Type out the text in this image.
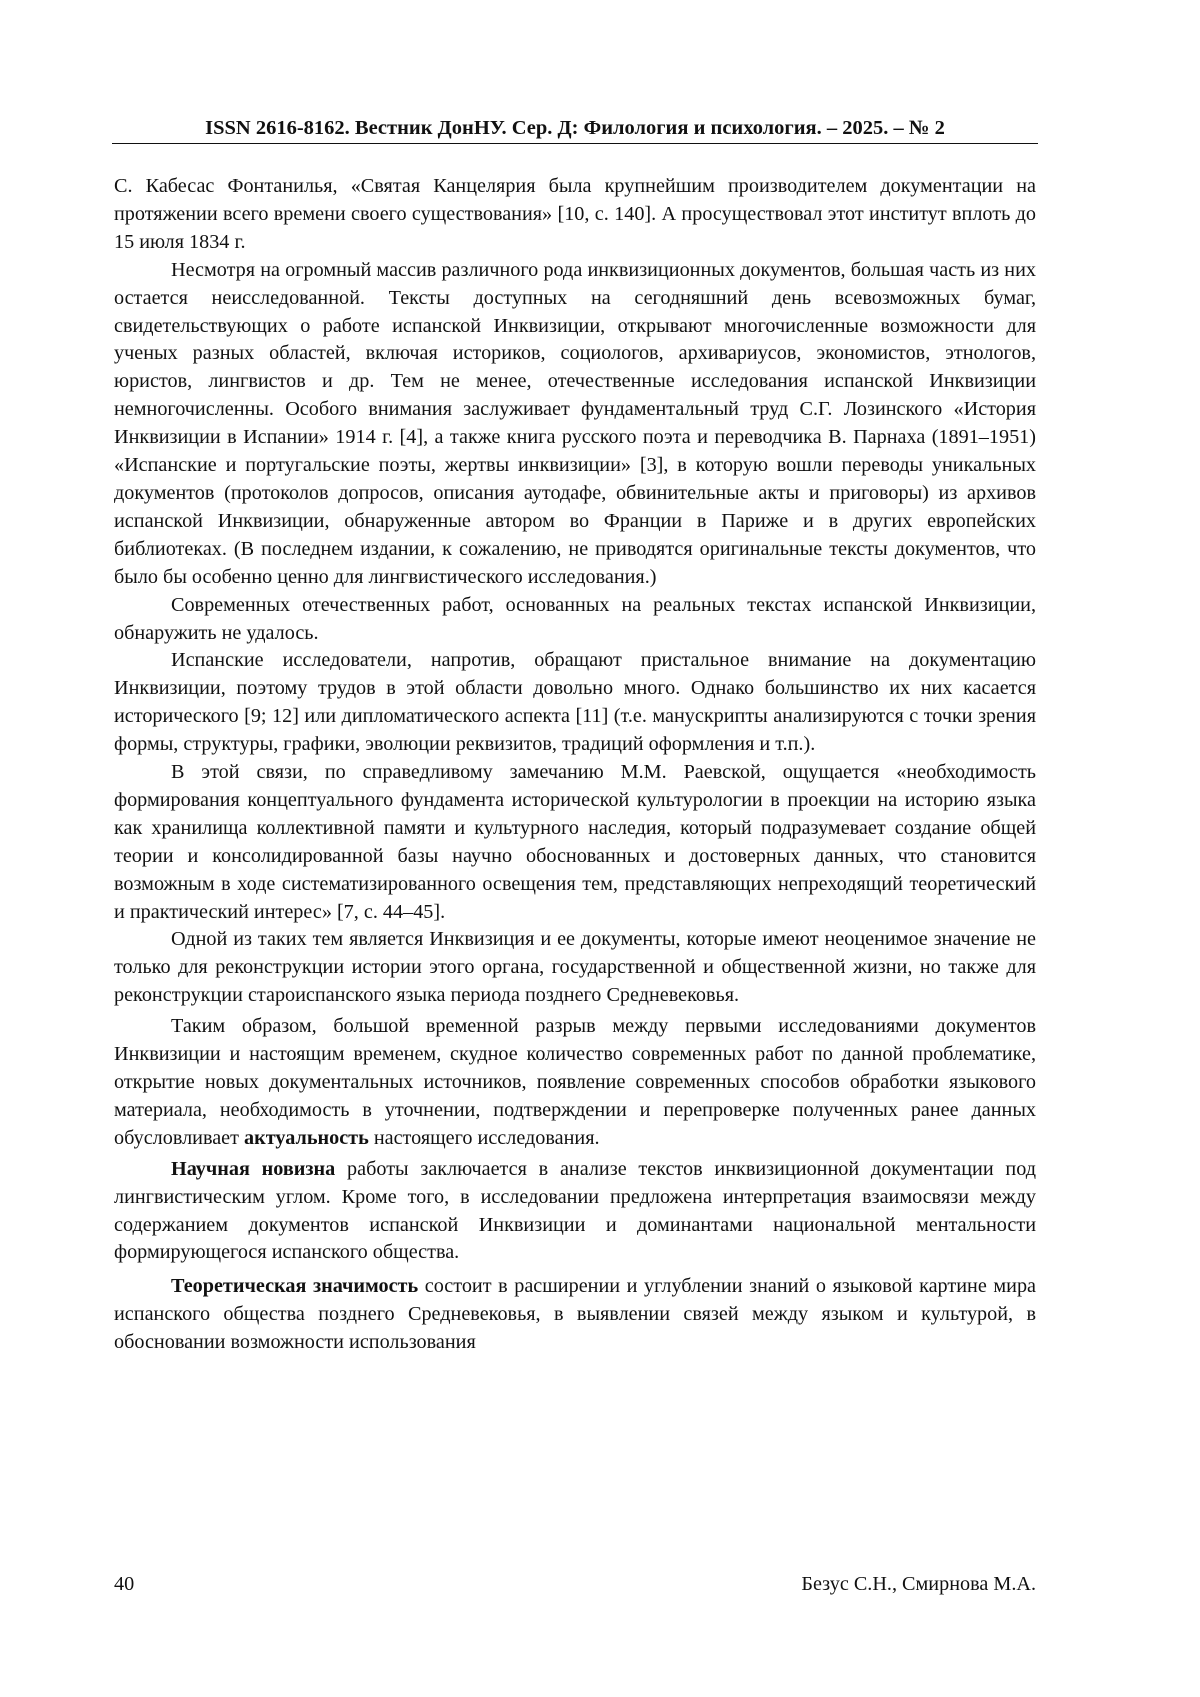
ISSN 2616-8162. Вестник ДонНУ. Сер. Д: Филология и психология. – 2025. – № 2

С. Кабесас Фонтанилья, «Святая Канцелярия была крупнейшим производителем документации на протяжении всего времени своего существования» [10, с. 140]. А просуществовал этот институт вплоть до 15 июля 1834 г.

Несмотря на огромный массив различного рода инквизиционных документов, большая часть из них остается неисследованной. Тексты доступных на сегодняшний день всевозможных бумаг, свидетельствующих о работе испанской Инквизиции, открывают многочисленные возможности для ученых разных областей, включая историков, социологов, архивариусов, экономистов, этнологов, юристов, лингвистов и др. Тем не менее, отечественные исследования испанской Инквизиции немногочисленны. Особого внимания заслуживает фундаментальный труд С.Г. Лозинского «История Инквизиции в Испании» 1914 г. [4], а также книга русского поэта и переводчика В. Парнаха (1891–1951) «Испанские и португальские поэты, жертвы инквизиции» [3], в которую вошли переводы уникальных документов (протоколов допросов, описания аутодафе, обвинительные акты и приговоры) из архивов испанской Инквизиции, обнаруженные автором во Франции в Париже и в других европейских библиотеках. (В последнем издании, к сожалению, не приводятся оригинальные тексты документов, что было бы особенно ценно для лингвистического исследования.)

Современных отечественных работ, основанных на реальных текстах испанской Инквизиции, обнаружить не удалось.

Испанские исследователи, напротив, обращают пристальное внимание на документацию Инквизиции, поэтому трудов в этой области довольно много. Однако большинство их них касается исторического [9; 12] или дипломатического аспекта [11] (т.е. манускрипты анализируются с точки зрения формы, структуры, графики, эволюции реквизитов, традиций оформления и т.п.).

В этой связи, по справедливому замечанию М.М. Раевской, ощущается «необходимость формирования концептуального фундамента исторической культурологии в проекции на историю языка как хранилища коллективной памяти и культурного наследия, который подразумевает создание общей теории и консолидированной базы научно обоснованных и достоверных данных, что становится возможным в ходе систематизированного освещения тем, представляющих непреходящий теоретический и практический интерес» [7, с. 44–45].

Одной из таких тем является Инквизиция и ее документы, которые имеют неоценимое значение не только для реконструкции истории этого органа, государственной и общественной жизни, но также для реконструкции староиспанского языка периода позднего Средневековья.

Таким образом, большой временной разрыв между первыми исследованиями документов Инквизиции и настоящим временем, скудное количество современных работ по данной проблематике, открытие новых документальных источников, появление современных способов обработки языкового материала, необходимость в уточнении, подтверждении и перепроверке полученных ранее данных обусловливает актуальность настоящего исследования.

Научная новизна работы заключается в анализе текстов инквизиционной документации под лингвистическим углом. Кроме того, в исследовании предложена интерпретация взаимосвязи между содержанием документов испанской Инквизиции и доминантами национальной ментальности формирующегося испанского общества.

Теоретическая значимость состоит в расширении и углублении знаний о языковой картине мира испанского общества позднего Средневековья, в выявлении связей между языком и культурой, в обосновании возможности использования

40	Безус С.Н., Смирнова М.А.
